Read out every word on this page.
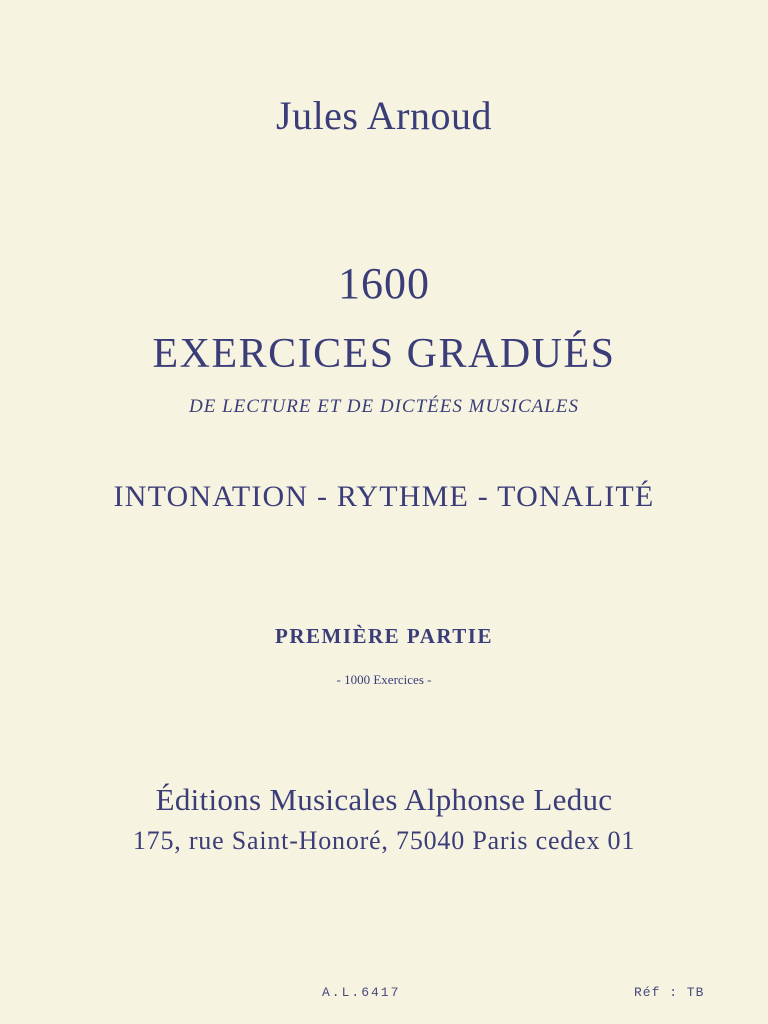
Jules Arnoud
1600
EXERCICES GRADUÉS
DE LECTURE ET DE DICTÉES MUSICALES
INTONATION - RYTHME - TONALITÉ
PREMIÈRE PARTIE
- 1000 Exercices -
Éditions Musicales Alphonse Leduc
175, rue Saint-Honoré, 75040 Paris cedex 01
A.L.6417	Réf : TB
